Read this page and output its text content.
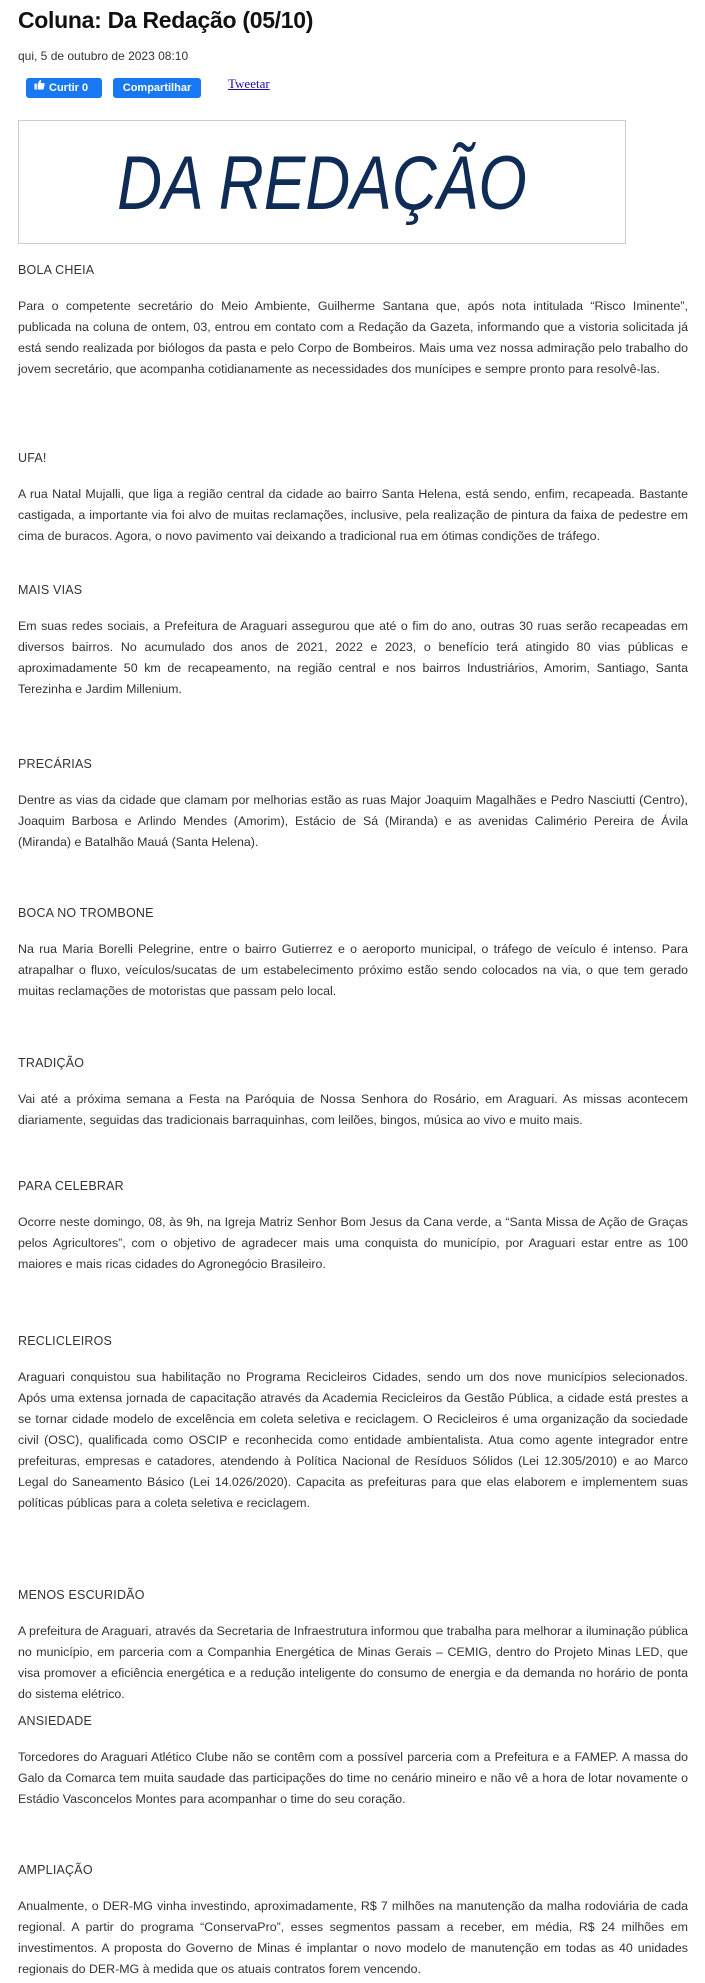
Coluna: Da Redação (05/10)
qui, 5 de outubro de 2023 08:10
Curtir 0	Compartilhar	Tweetar
DA REDAÇÃO
BOLA CHEIA
Para o competente secretário do Meio Ambiente, Guilherme Santana que, após nota intitulada “Risco Iminente”, publicada na coluna de ontem, 03, entrou em contato com a Redação da Gazeta, informando que a vistoria solicitada já está sendo realizada por biólogos da pasta e pelo Corpo de Bombeiros. Mais uma vez nossa admiração pelo trabalho do jovem secretário, que acompanha cotidianamente as necessidades dos munícipes e sempre pronto para resolvê-las.
UFA!
A rua Natal Mujalli, que liga a região central da cidade ao bairro Santa Helena, está sendo, enfim, recapeada. Bastante castigada, a importante via foi alvo de muitas reclamações, inclusive, pela realização de pintura da faixa de pedestre em cima de buracos. Agora, o novo pavimento vai deixando a tradicional rua em ótimas condições de tráfego.
MAIS VIAS
Em suas redes sociais, a Prefeitura de Araguari assegurou que até o fim do ano, outras 30 ruas serão recapeadas em diversos bairros. No acumulado dos anos de 2021, 2022 e 2023, o benefício terá atingido 80 vias públicas e aproximadamente 50 km de recapeamento, na região central e nos bairros Industriários, Amorim, Santiago, Santa Terezinha e Jardim Millenium.
PRECÁRIAS
Dentre as vias da cidade que clamam por melhorias estão as ruas Major Joaquim Magalhães e Pedro Nasciutti (Centro), Joaquim Barbosa e Arlindo Mendes (Amorim), Estácio de Sá (Miranda) e as avenidas Calimério Pereira de Ávila (Miranda) e Batalhão Mauá (Santa Helena).
BOCA NO TROMBONE
Na rua Maria Borelli Pelegrine, entre o bairro Gutierrez e o aeroporto municipal, o tráfego de veículo é intenso. Para atrapalhar o fluxo, veículos/sucatas de um estabelecimento próximo estão sendo colocados na via, o que tem gerado muitas reclamações de motoristas que passam pelo local.
TRADIÇÃO
Vai até a próxima semana a Festa na Paróquia de Nossa Senhora do Rosário, em Araguari. As missas acontecem diariamente, seguidas das tradicionais barraquinhas, com leilões, bingos, música ao vivo e muito mais.
PARA CELEBRAR
Ocorre neste domingo, 08, às 9h, na Igreja Matriz Senhor Bom Jesus da Cana verde, a “Santa Missa de Ação de Graças pelos Agricultores”, com o objetivo de agradecer mais uma conquista do município, por Araguari estar entre as 100 maiores e mais ricas cidades do Agronegócio Brasileiro.
RECLICLEIROS
Araguari conquistou sua habilitação no Programa Recicleiros Cidades, sendo um dos nove municípios selecionados. Após uma extensa jornada de capacitação através da Academia Recicleiros da Gestão Pública, a cidade está prestes a se tornar cidade modelo de excelência em coleta seletiva e reciclagem. O Recicleiros é uma organização da sociedade civil (OSC), qualificada como OSCIP e reconhecida como entidade ambientalista. Atua como agente integrador entre prefeituras, empresas e catadores, atendendo à Política Nacional de Resíduos Sólidos (Lei 12.305/2010) e ao Marco Legal do Saneamento Básico (Lei 14.026/2020). Capacita as prefeituras para que elas elaborem e implementem suas políticas públicas para a coleta seletiva e reciclagem.
MENOS ESCURIDÃO
A prefeitura de Araguari, através da Secretaria de Infraestrutura informou que trabalha para melhorar a iluminação pública no município, em parceria com a Companhia Energética de Minas Gerais – CEMIG, dentro do Projeto Minas LED, que visa promover a eficiência energética e a redução inteligente do consumo de energia e da demanda no horário de ponta do sistema elétrico.
ANSIEDADE
Torcedores do Araguari Atlético Clube não se contêm com a possível parceria com a Prefeitura e a FAMEP. A massa do Galo da Comarca tem muita saudade das participações do time no cenário mineiro e não vê a hora de lotar novamente o Estádio Vasconcelos Montes para acompanhar o time do seu coração.
AMPLIAÇÃO
Anualmente, o DER-MG vinha investindo, aproximadamente, R$ 7 milhões na manutenção da malha rodoviária de cada regional. A partir do programa “ConservaPro”, esses segmentos passam a receber, em média, R$ 24 milhões em investimentos. A proposta do Governo de Minas é implantar o novo modelo de manutenção em todas as 40 unidades regionais do DER-MG à medida que os atuais contratos forem vencendo.
